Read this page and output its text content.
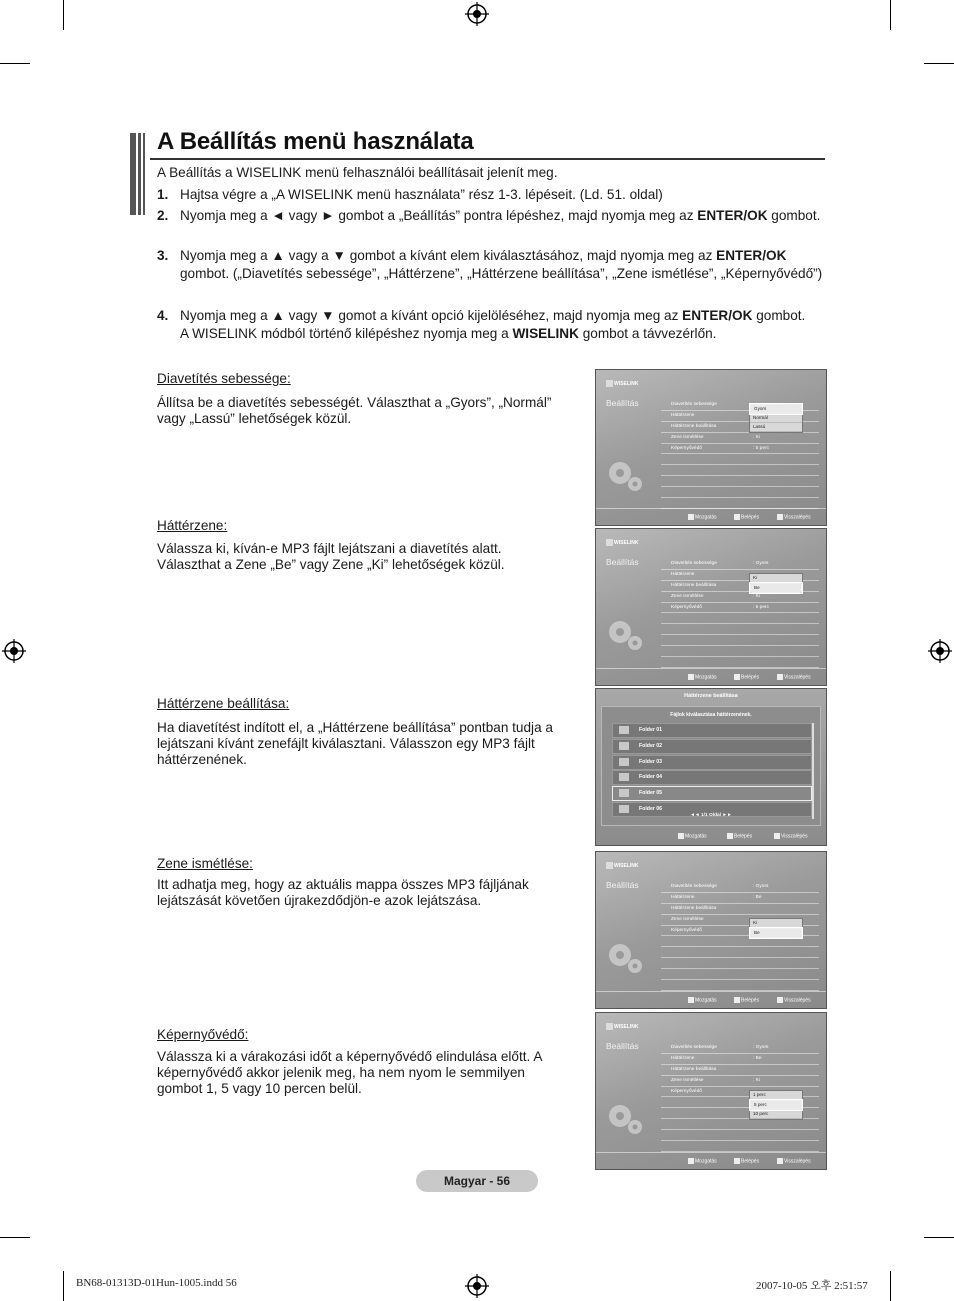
A Beállítás menü használata
A Beállítás a WISELINK menü felhasználói beállításait jelenít meg.
1. Hajtsa végre a „A WISELINK menü használata” rész 1-3. lépéseit. (Ld. 51. oldal)
2. Nyomja meg a ◄ vagy ► gombot a „Beállítás” pontra lépéshez, majd nyomja meg az ENTER/OK gombot.
3. Nyomja meg a ▲ vagy a ▼ gombot a kívánt elem kiválasztásához, majd nyomja meg az ENTER/OK gombot. („Diavetítés sebessége”, „Háttérzene”, „Háttérzene beállítása”, „Zene ismétlése”, „Képernyővédő”)
4. Nyomja meg a ▲ vagy ▼ gomot a kívánt opció kijelöléséhez, majd nyomja meg az ENTER/OK gombot.
A WISELINK módból történő kilépéshez nyomja meg a WISELINK gombot a távvezérlőn.
Diavetítés sebessége:
Állítsa be a diavetítés sebességét. Választhat a „Gyors”, „Normál” vagy „Lassú” lehetőségek közül.
Háttérzene:
Válassza ki, kíván-e MP3 fájlt lejátszani a diavetítés alatt. Választhat a Zene „Be” vagy Zene „Ki” lehetőségek közül.
Háttérzene beállítása:
Ha diavetítést indított el, a „Háttérzene beállítása” pontban tudja a lejátszani kívánt zenefájlt kiválasztani. Válasszon egy MP3 fájlt háttérzenének.
Zene ismétlése:
Itt adhatja meg, hogy az aktuális mappa összes MP3 fájljának lejátszását követően újrakezdődjön-e azok lejátszása.
Képernyővédő:
Válassza ki a várakozási időt a képernyővédő elindulása előtt. A képernyővédő akkor jelenik meg, ha nem nyom le semmilyen gombot 1, 5 vagy 10 percen belül.
WISELINK
Beállítás	Diavetítés sebessége
Háttérzene
Háttérzene beállítása
Zene ismétlése	: Ki
Képernyővédő	: 5 perc
Gyors
Normál
Lassú
Mozgatás	Belépés	Visszalépés
WISELINK
Beállítás	Diavetítés sebessége	: Gyors
Háttérzene
Háttérzene beállítása
Zene ismétlése	: Ki
Képernyővédő	: 5 perc
Ki
Be
Mozgatás	Belépés	Visszalépés
Háttérzene beállítása
Fájlok kiválasztása háttérzenének.
Folder 01
Folder 02
Folder 03
Folder 04
Folder 05
Folder 06
◄◄ 1/1 Oldal ►►
Mozgatás	Belépés	Visszalépés
WISELINK
Beállítás	Diavetítés sebessége	: Gyors
Háttérzene	: Be
Háttérzene beállítása
Zene ismétlése
Képernyővédő
Ki
Be
Mozgatás	Belépés	Visszalépés
WISELINK
Beállítás	Diavetítés sebessége	: Gyors
Háttérzene	: Be
Háttérzene beállítása
Zene ismétlése	: Ki
Képernyővédő
1 perc
5 perc
10 perc
Mozgatás	Belépés	Visszalépés
Magyar - 56
BN68-01313D-01Hun-1005.indd 56	2007-10-05 오후 2:51:57
